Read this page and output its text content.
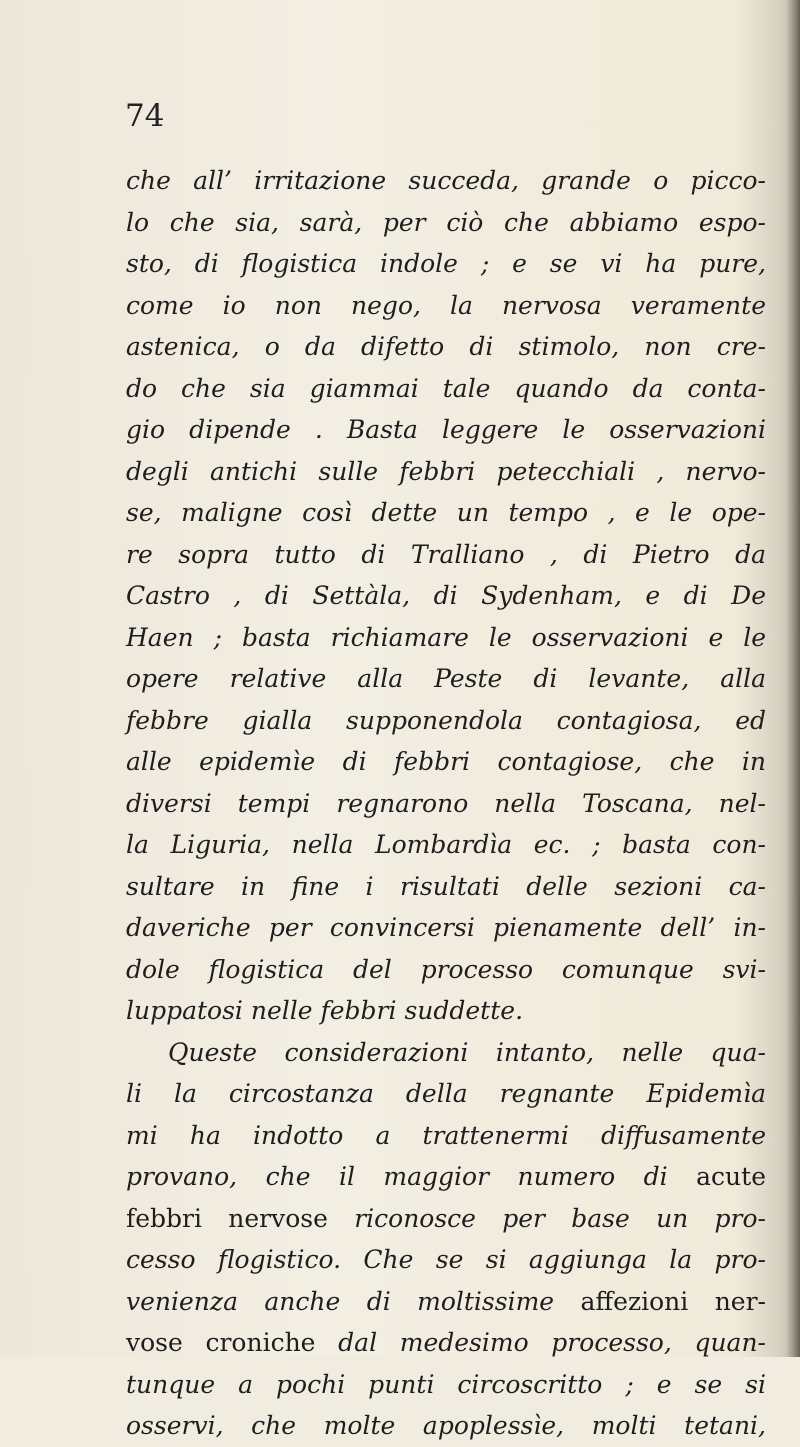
74
che all’ irritazione succeda, grande o picco-
lo che sia, sarà, per ciò che abbiamo espo-
sto, di flogistica indole ; e se vi ha pure,
come io non nego, la nervosa veramente
astenica, o da difetto di stimolo, non cre-
do che sia giammai tale quando da conta-
gio dipende . Basta leggere le osservazioni
degli antichi sulle febbri petecchiali , nervo-
se, maligne così dette un tempo , e le ope-
re sopra tutto di Tralliano , di Pietro da
Castro , di Settàla, di Sydenham, e di De
Haen ; basta richiamare le osservazioni e le
opere relative alla Peste di levante, alla
febbre gialla supponendola contagiosa, ed
alle epidemìe di febbri contagiose, che in
diversi tempi regnarono nella Toscana, nel-
la Liguria, nella Lombardìa ec. ; basta con-
sultare in fine i risultati delle sezioni ca-
daveriche per convincersi pienamente dell’ in-
dole flogistica del processo comunque svi-
luppatosi nelle febbri suddette.
Queste considerazioni intanto, nelle qua-
li la circostanza della regnante Epidemìa
mi ha indotto a trattenermi diffusamente
provano, che il maggior numero di acute
febbri nervose riconosce per base un pro-
cesso flogistico. Che se si aggiunga la pro-
venienza anche di moltissime affezioni ner-
vose croniche dal medesimo processo, quan-
tunque a pochi punti circoscritto ; e se si
osservi, che molte apoplessìe, molti tetani,
